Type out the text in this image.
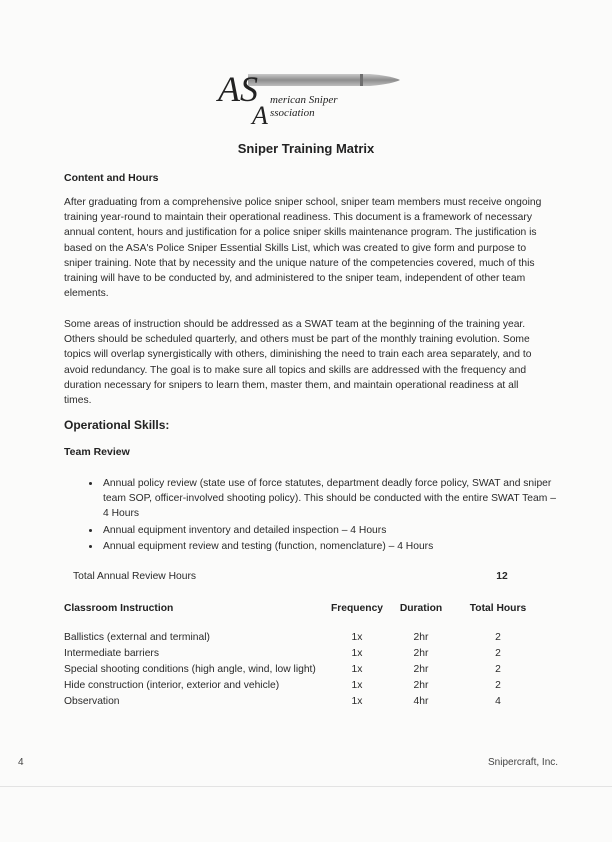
AS merican Sniper
A ssociation
Sniper Training Matrix
Content and Hours

After graduating from a comprehensive police sniper school, sniper team members must receive ongoing training year-round to maintain their operational readiness. This document is a framework of necessary annual content, hours and justification for a police sniper skills maintenance program. The justification is based on the ASA's Police Sniper Essential Skills List, which was created to give form and purpose to sniper training. Note that by necessity and the unique nature of the competencies covered, much of this training will have to be conducted by, and administered to the sniper team, independent of other team elements.

Some areas of instruction should be addressed as a SWAT team at the beginning of the training year. Others should be scheduled quarterly, and others must be part of the monthly training evolution. Some topics will overlap synergistically with others, diminishing the need to train each area separately, and to avoid redundancy. The goal is to make sure all topics and skills are addressed with the frequency and duration necessary for snipers to learn them, master them, and maintain operational readiness at all times.

Operational Skills:
Team Review
• Annual policy review (state use of force statutes, department deadly force policy, SWAT and sniper team SOP, officer-involved shooting policy). This should be conducted with the entire SWAT Team – 4 Hours
• Annual equipment inventory and detailed inspection – 4 Hours
• Annual equipment review and testing (function, nomenclature) – 4 Hours
Total Annual Review Hours	12
Classroom Instruction	Frequency	Duration	Total Hours
Ballistics (external and terminal)	1x	2hr	2
Intermediate barriers	1x	2hr	2
Special shooting conditions (high angle, wind, low light)	1x	2hr	2
Hide construction (interior, exterior and vehicle)	1x	2hr	2
Observation	1x	4hr	4
4	Snipercraft, Inc.
